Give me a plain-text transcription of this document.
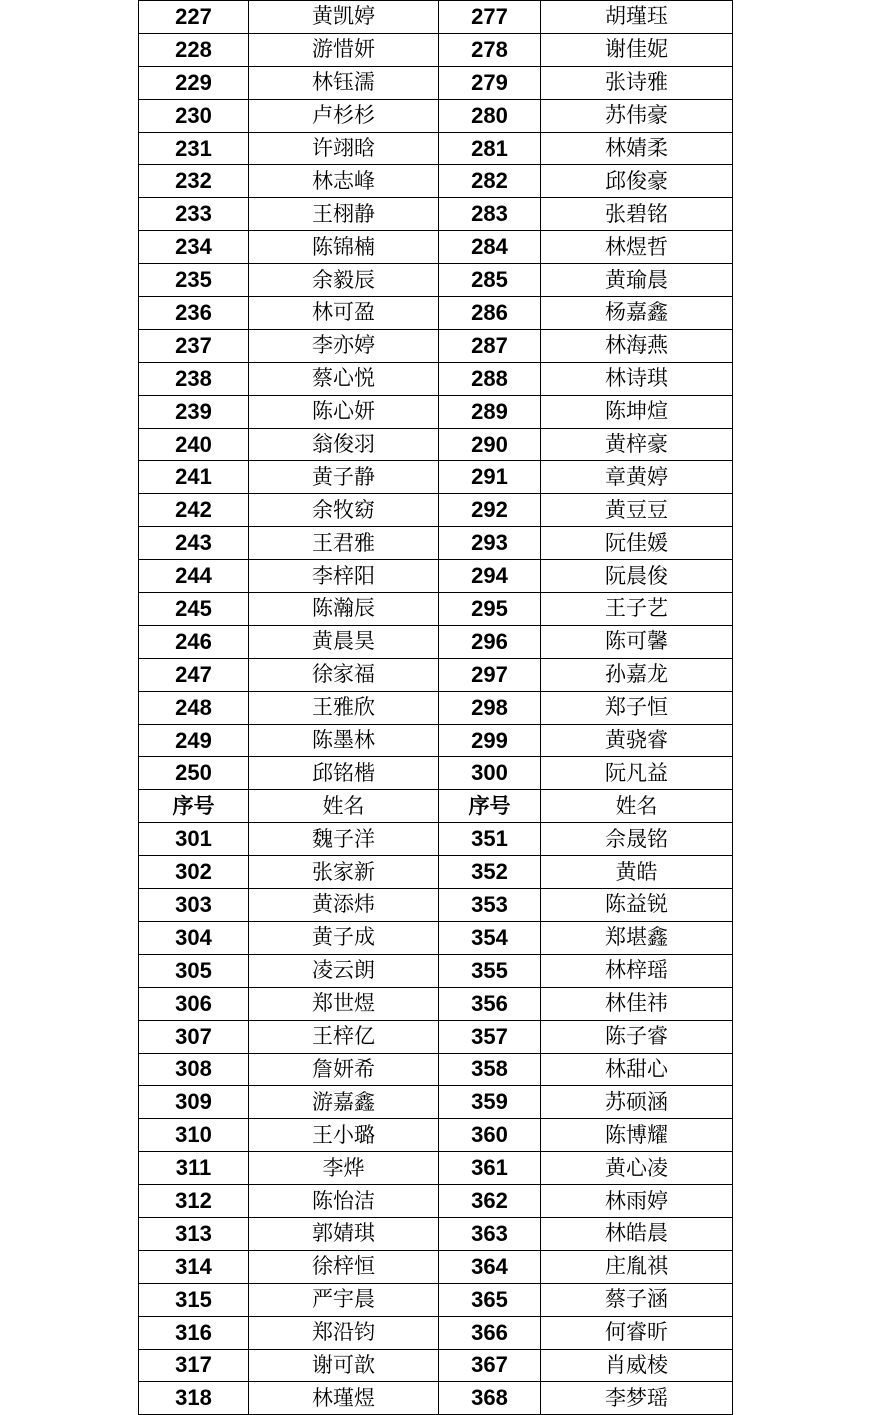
227	黄凯婷	277	胡瑾珏
228	游惜妍	278	谢佳妮
229	林钰濡	279	张诗雅
230	卢杉杉	280	苏伟豪
231	许翊晗	281	林婧柔
232	林志峰	282	邱俊豪
233	王栩静	283	张碧铭
234	陈锦楠	284	林煜哲
235	余毅辰	285	黄瑜晨
236	林可盈	286	杨嘉鑫
237	李亦婷	287	林海燕
238	蔡心悦	288	林诗琪
239	陈心妍	289	陈坤煊
240	翁俊羽	290	黄梓豪
241	黄子静	291	章黄婷
242	余牧窈	292	黄豆豆
243	王君雅	293	阮佳媛
244	李梓阳	294	阮晨俊
245	陈瀚辰	295	王子艺
246	黄晨昊	296	陈可馨
247	徐家福	297	孙嘉龙
248	王雅欣	298	郑子恒
249	陈墨林	299	黄骁睿
250	邱铭楷	300	阮凡益
序号	姓名	序号	姓名
301	魏子洋	351	佘晟铭
302	张家新	352	黄皓
303	黄添炜	353	陈益锐
304	黄子成	354	郑堪鑫
305	凌云朗	355	林梓瑶
306	郑世煜	356	林佳祎
307	王梓亿	357	陈子睿
308	詹妍希	358	林甜心
309	游嘉鑫	359	苏硕涵
310	王小璐	360	陈博耀
311	李烨	361	黄心凌
312	陈怡洁	362	林雨婷
313	郭婧琪	363	林皓晨
314	徐梓恒	364	庄胤祺
315	严宇晨	365	蔡子涵
316	郑沿钧	366	何睿昕
317	谢可歆	367	肖威棱
318	林瑾煜	368	李梦瑶
